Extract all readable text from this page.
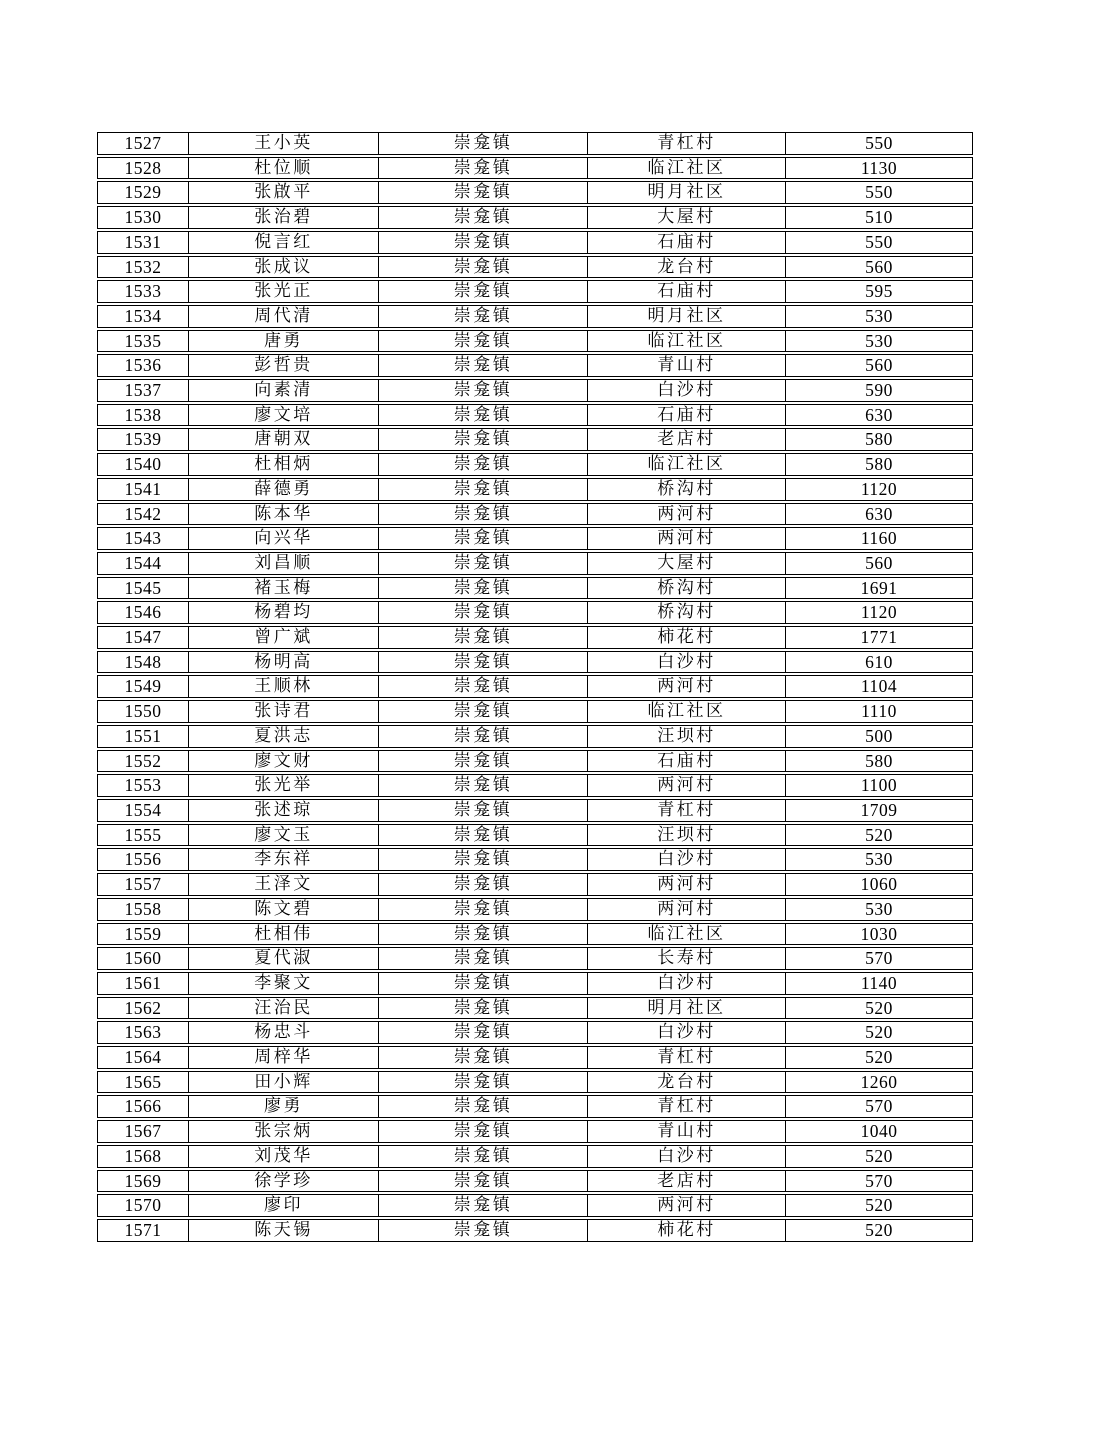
1527	王小英	崇龛镇	青杠村	550
1528	杜位顺	崇龛镇	临江社区	1130
1529	张啟平	崇龛镇	明月社区	550
1530	张治碧	崇龛镇	大屋村	510
1531	倪言红	崇龛镇	石庙村	550
1532	张成议	崇龛镇	龙台村	560
1533	张光正	崇龛镇	石庙村	595
1534	周代清	崇龛镇	明月社区	530
1535	唐勇	崇龛镇	临江社区	530
1536	彭哲贵	崇龛镇	青山村	560
1537	向素清	崇龛镇	白沙村	590
1538	廖文培	崇龛镇	石庙村	630
1539	唐朝双	崇龛镇	老店村	580
1540	杜相炳	崇龛镇	临江社区	580
1541	薛德勇	崇龛镇	桥沟村	1120
1542	陈本华	崇龛镇	两河村	630
1543	向兴华	崇龛镇	两河村	1160
1544	刘昌顺	崇龛镇	大屋村	560
1545	褚玉梅	崇龛镇	桥沟村	1691
1546	杨碧均	崇龛镇	桥沟村	1120
1547	曾广斌	崇龛镇	柿花村	1771
1548	杨明高	崇龛镇	白沙村	610
1549	王顺林	崇龛镇	两河村	1104
1550	张诗君	崇龛镇	临江社区	1110
1551	夏洪志	崇龛镇	汪坝村	500
1552	廖文财	崇龛镇	石庙村	580
1553	张光举	崇龛镇	两河村	1100
1554	张述琼	崇龛镇	青杠村	1709
1555	廖文玉	崇龛镇	汪坝村	520
1556	李东祥	崇龛镇	白沙村	530
1557	王泽文	崇龛镇	两河村	1060
1558	陈文碧	崇龛镇	两河村	530
1559	杜相伟	崇龛镇	临江社区	1030
1560	夏代淑	崇龛镇	长寿村	570
1561	李聚文	崇龛镇	白沙村	1140
1562	汪治民	崇龛镇	明月社区	520
1563	杨忠斗	崇龛镇	白沙村	520
1564	周梓华	崇龛镇	青杠村	520
1565	田小辉	崇龛镇	龙台村	1260
1566	廖勇	崇龛镇	青杠村	570
1567	张宗炳	崇龛镇	青山村	1040
1568	刘茂华	崇龛镇	白沙村	520
1569	徐学珍	崇龛镇	老店村	570
1570	廖印	崇龛镇	两河村	520
1571	陈天锡	崇龛镇	柿花村	520
